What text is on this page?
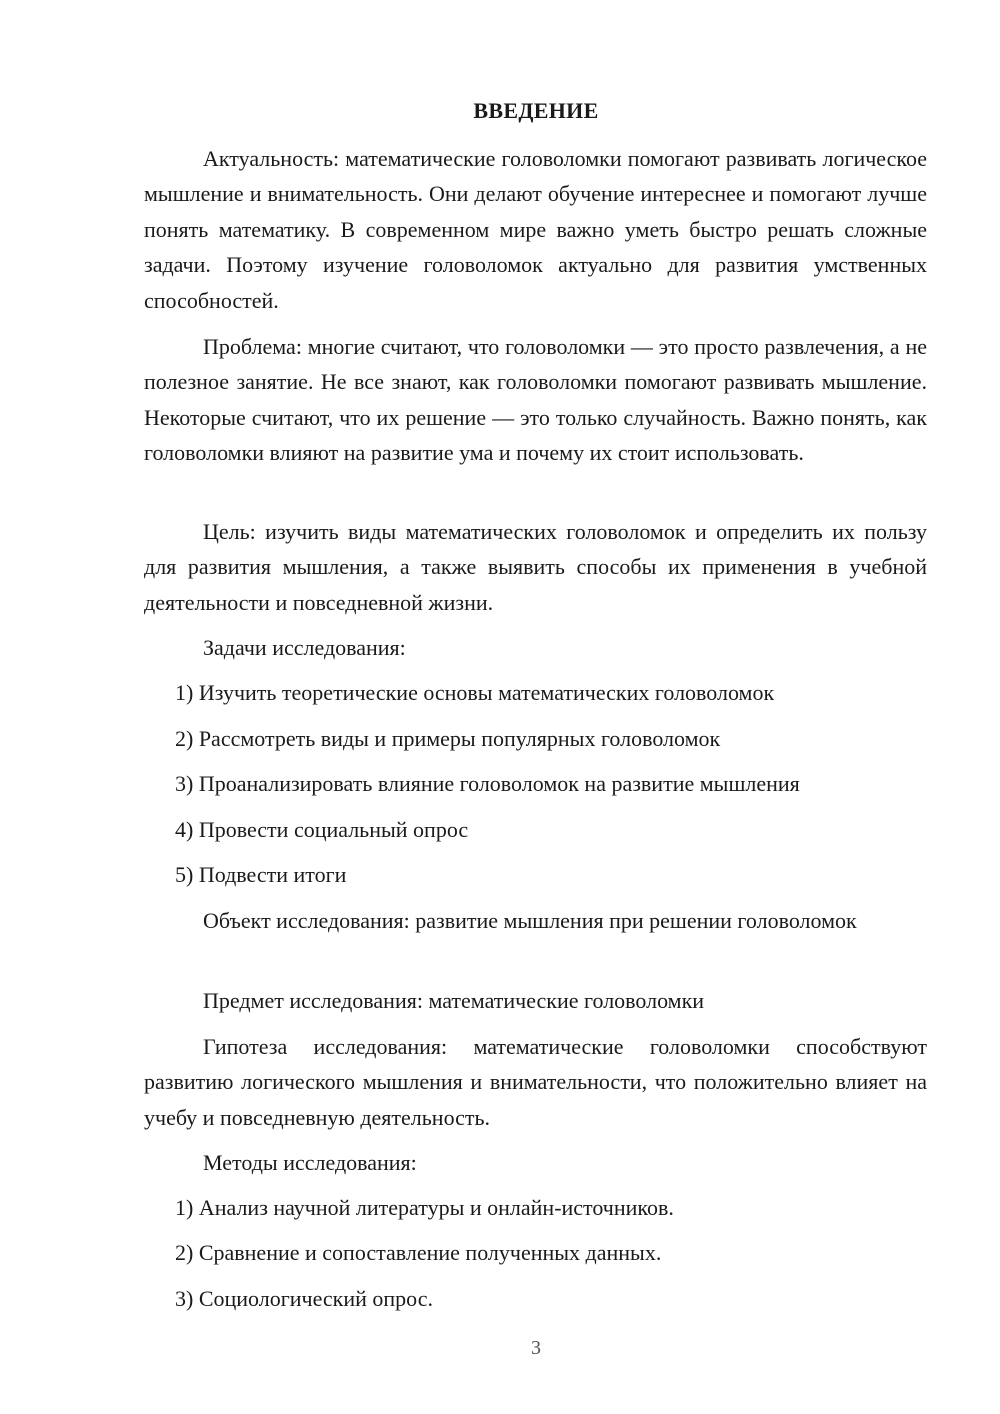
ВВЕДЕНИЕ

Актуальность: математические головоломки помогают развивать логическое мышление и внимательность. Они делают обучение интереснее и помогают лучше понять математику. В современном мире важно уметь быстро решать сложные задачи. Поэтому изучение головоломок актуально для развития умственных способностей.

Проблема: многие считают, что головоломки — это просто развлечения, а не полезное занятие. Не все знают, как головоломки помогают развивать мышление. Некоторые считают, что их решение — это только случайность. Важно понять, как головоломки влияют на развитие ума и почему их стоит использовать.

Цель: изучить виды математических головоломок и определить их пользу для развития мышления, а также выявить способы их применения в учебной деятельности и повседневной жизни.

Задачи исследования:
1) Изучить теоретические основы математических головоломок
2) Рассмотреть виды и примеры популярных головоломок
3) Проанализировать влияние головоломок на развитие мышления
4) Провести социальный опрос
5) Подвести итоги

Объект исследования: развитие мышления при решении головоломок

Предмет исследования: математические головоломки

Гипотеза исследования: математические головоломки способствуют развитию логического мышления и внимательности, что положительно влияет на учебу и повседневную деятельность.

Методы исследования:
1) Анализ научной литературы и онлайн-источников.
2) Сравнение и сопоставление полученных данных.
3) Социологический опрос.
3
